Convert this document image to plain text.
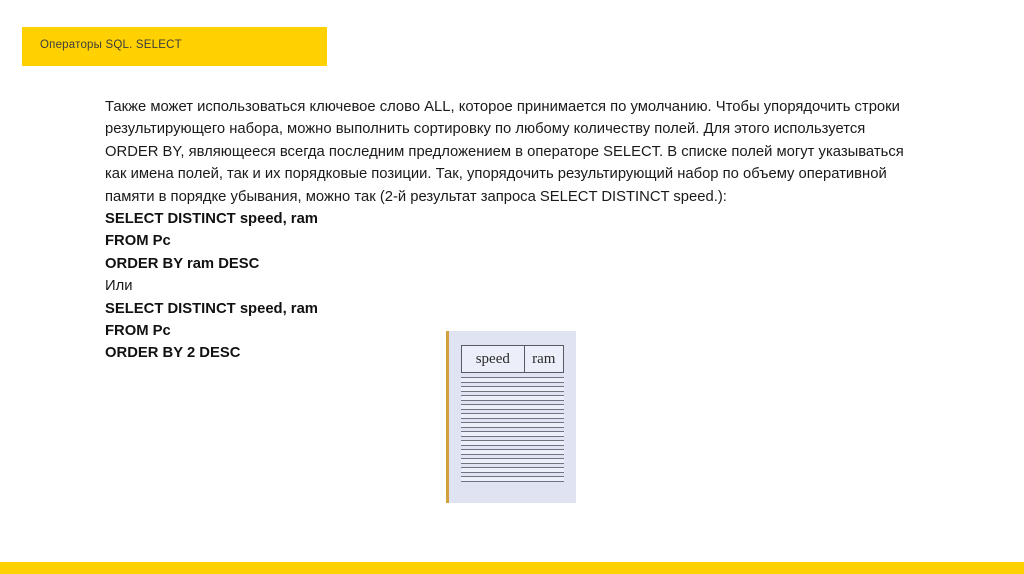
Операторы SQL. SELECT

Также может использоваться ключевое слово ALL, которое принимается по умолчанию. Чтобы упорядочить строки результирующего набора, можно выполнить сортировку по любому количеству полей. Для этого используется ORDER BY, являющееся всегда последним предложением в операторе SELECT. В списке полей могут указываться как имена полей, так и их порядковые позиции. Так, упорядочить результирующий набор по объему оперативной памяти в порядке убывания, можно так (2-й результат запроса SELECT DISTINCT speed.):

SELECT DISTINCT speed, ram
FROM Pc
ORDER BY ram DESC
Или
SELECT DISTINCT speed, ram
FROM Pc
ORDER BY 2 DESC	speed	ram
